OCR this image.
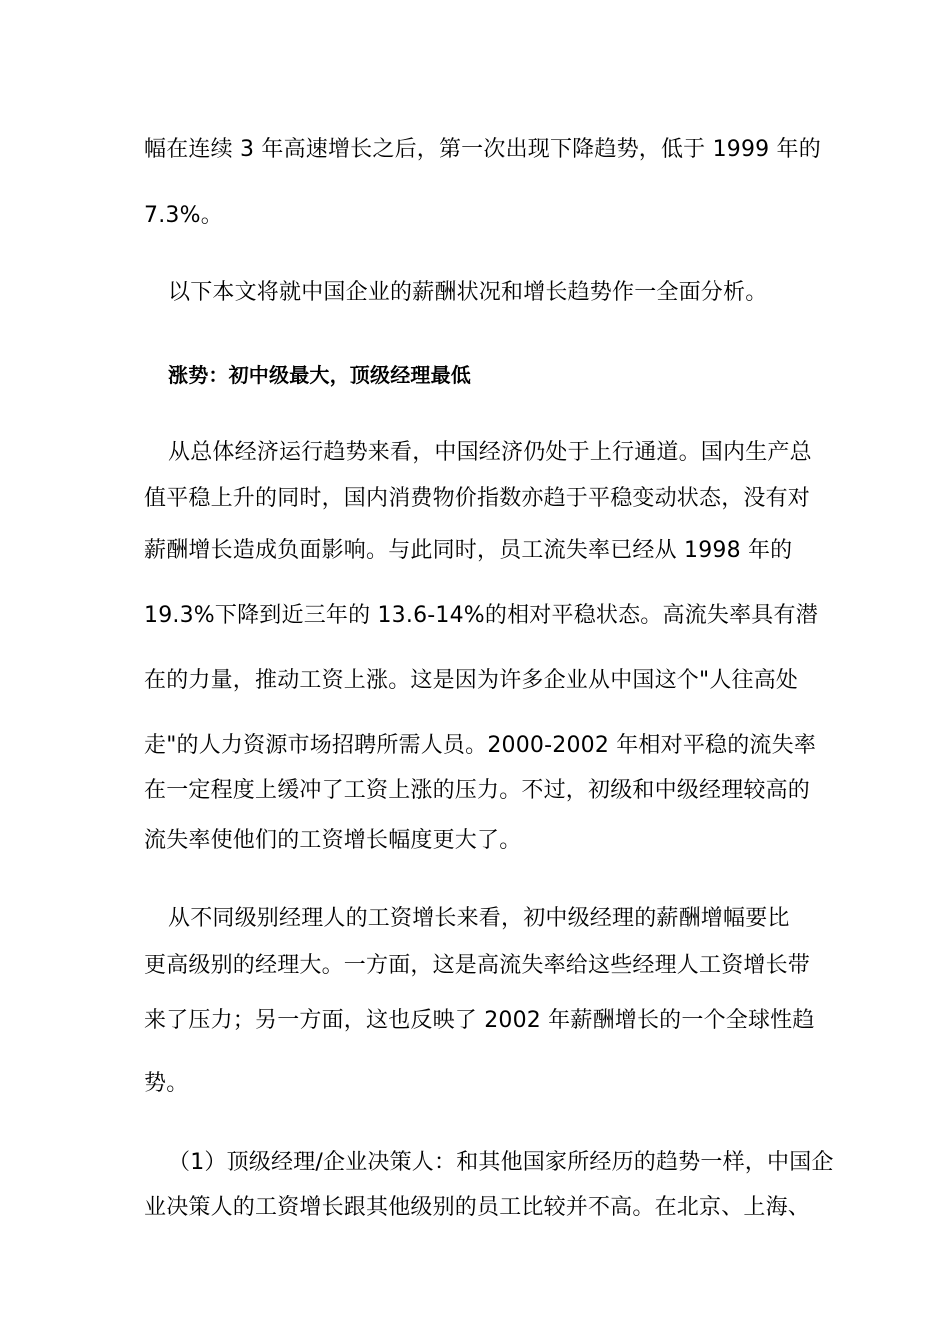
幅在连续 3 年高速增长之后，第一次出现下降趋势，低于 1999 年的
7.3%。
以下本文将就中国企业的薪酬状况和增长趋势作一全面分析。
涨势：初中级最大，顶级经理最低
从总体经济运行趋势来看，中国经济仍处于上行通道。国内生产总
值平稳上升的同时，国内消费物价指数亦趋于平稳变动状态，没有对
薪酬增长造成负面影响。与此同时，员工流失率已经从 1998 年的
19.3%下降到近三年的 13.6-14%的相对平稳状态。高流失率具有潜
在的力量，推动工资上涨。这是因为许多企业从中国这个"人往高处
走"的人力资源市场招聘所需人员。2000-2002 年相对平稳的流失率
在一定程度上缓冲了工资上涨的压力。不过，初级和中级经理较高的
流失率使他们的工资增长幅度更大了。
从不同级别经理人的工资增长来看，初中级经理的薪酬增幅要比
更高级别的经理大。一方面，这是高流失率给这些经理人工资增长带
来了压力；另一方面，这也反映了 2002 年薪酬增长的一个全球性趋
势。
（1）顶级经理/企业决策人：和其他国家所经历的趋势一样，中国企
业决策人的工资增长跟其他级别的员工比较并不高。在北京、上海、
